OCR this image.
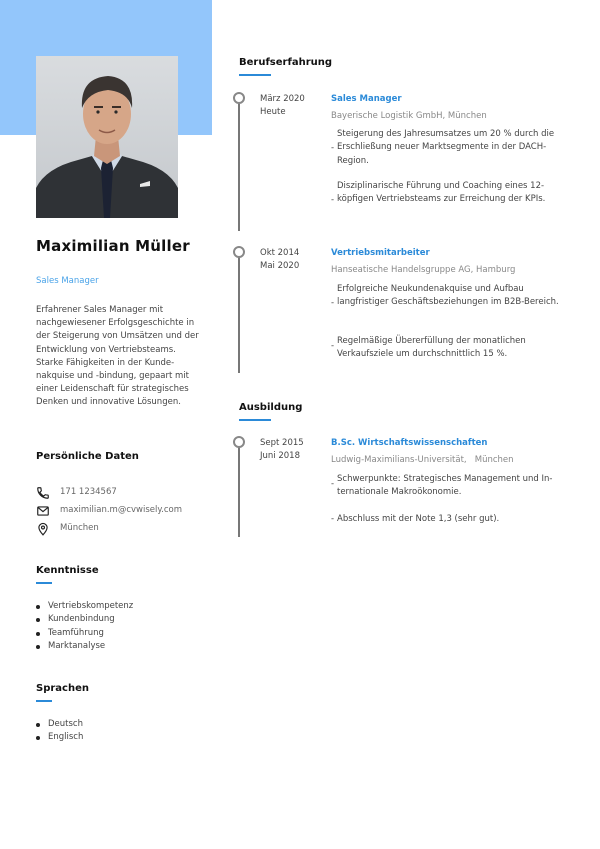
Maximilian Müller
Sales Manager
Erfahrener Sales Manager mit nachgewiesener Erfolgsgeschichte in der Steigerung von Umsätzen und der Entwicklung von Vertriebsteams. Starke Fähigkeiten in der Kundenakquise und -bindung, gepaart mit einer Leidenschaft für strategisches Denken und innovative Lösungen.
Persönliche Daten
171 1234567
maximilian.m@cvwisely.com
München
Kenntnisse
Vertriebskompetenz
Kundenbindung
Teamführung
Marktanalyse
Sprachen
Deutsch
Englisch
Berufserfahrung
März 2020
Heute
Sales Manager
Bayerische Logistik GmbH, München
-
Steigerung des Jahresumsatzes um 20 % durch die Erschließung neuer Marktsegmente in der DACH-Region.
-
Disziplinarische Führung und Coaching eines 12-köpfigen Vertriebsteams zur Erreichung der KPIs.
Okt 2014
Mai 2020
Vertriebsmitarbeiter
Hanseatische Handelsgruppe AG, Hamburg
-
Erfolgreiche Neukundenakquise und Aufbau langfristiger Geschäftsbeziehungen im B2B-Bereich.
- Regelmäßige Übererfüllung der monatlichen Verkaufsziele um durchschnittlich 15 %.
Ausbildung
Sept 2015
Juni 2018
B.Sc. Wirtschaftswissenschaften
Ludwig-Maximilians-Universität,   München
- Schwerpunkte: Strategisches Management und Internationale Makroökonomie.
- Abschluss mit der Note 1,3 (sehr gut).
